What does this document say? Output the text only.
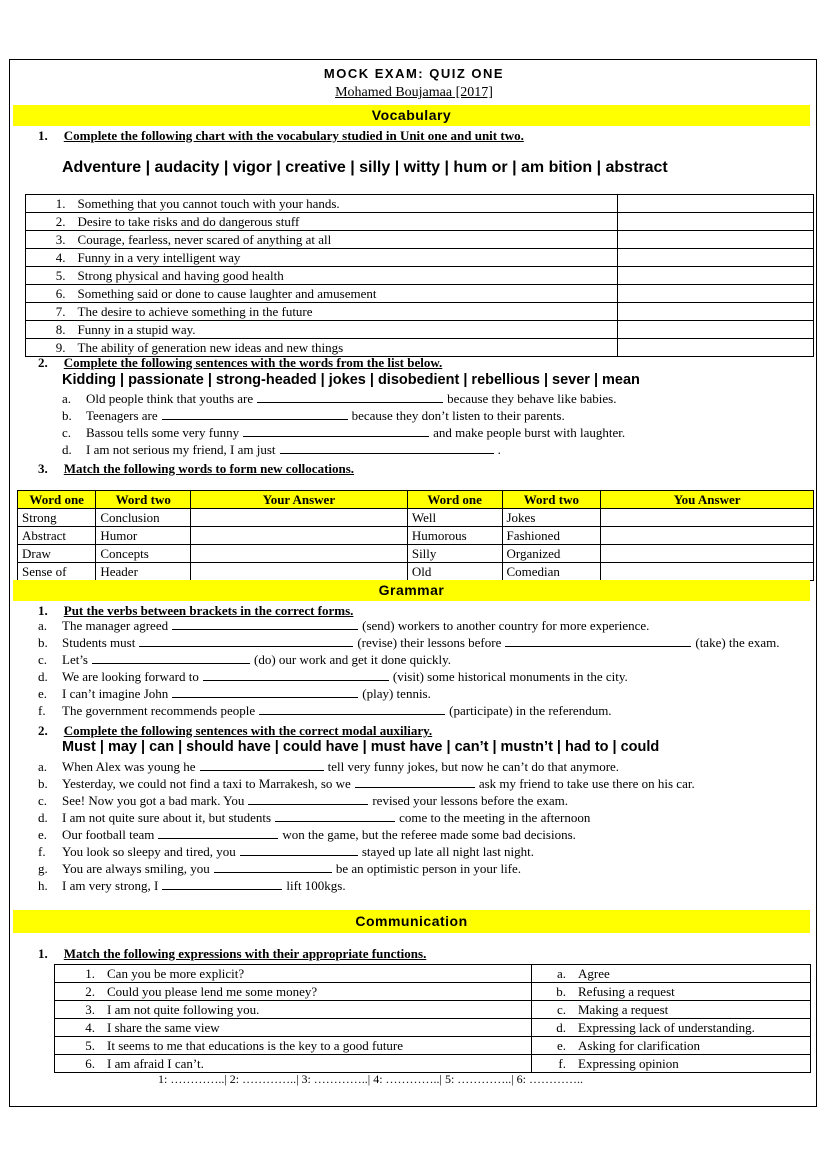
MOCK EXAM: QUIZ ONE
Mohamed Boujamaa [2017]
Vocabulary
1. Complete the following chart with the vocabulary studied in Unit one and unit two.
Adventure | audacity | vigor | creative | silly | witty | hum or | am bition | abstract
1.	Something that you cannot touch with your hands.	
2.	Desire to take risks and do dangerous stuff	
3.	Courage, fearless, never scared of anything at all	
4.	Funny in a very intelligent way	
5.	Strong physical and having good health	
6.	Something said or done to cause laughter and amusement	
7.	The desire to achieve something in the future	
8.	Funny in a stupid way.	
9.	The ability of generation new ideas and new things	
2. Complete the following sentences with the words from the list below.
Kidding | passionate | strong-headed | jokes | disobedient | rebellious | sever | mean
a. Old people think that youths are	because they behave like babies.
b. Teenagers are	because they don’t listen to their parents.
c. Bassou tells some very funny	and make people burst with laughter.
d. I am not serious my friend, I am just	.
3. Match the following words to form new collocations.
Word one	Word two	Your Answer	Word one	Word two	You Answer
Strong	Conclusion		Well	Jokes	
Abstract	Humor		Humorous	Fashioned	
Draw	Concepts		Silly	Organized	
Sense of	Header		Old	Comedian	
Grammar
1. Put the verbs between brackets in the correct forms.
a. The manager agreed	(send) workers to another country for more experience.
b. Students must	(revise) their lessons before	(take) the exam.
c. Let’s	(do) our work and get it done quickly.
d. We are looking forward to	(visit) some historical monuments in the city.
e. I can’t imagine John	(play) tennis.
f. The government recommends people	(participate) in the referendum.
2. Complete the following sentences with the correct modal auxiliary.
Must | may | can | should have | could have | must have | can’t | mustn’t | had to | could
a. When Alex was young he	tell very funny jokes, but now he can’t do that anymore.
b. Yesterday, we could not find a taxi to Marrakesh, so we	ask my friend to take use there on his car.
c. See! Now you got a bad mark. You	revised your lessons before the exam.
d. I am not quite sure about it, but students	come to the meeting in the afternoon
e. Our football team	won the game, but the referee made some bad decisions.
f. You look so sleepy and tired, you	stayed up late all night last night.
g. You are always smiling, you	be an optimistic person in your life.
h. I am very strong, I	lift 100kgs.
Communication
1. Match the following expressions with their appropriate functions.
1.	Can you be more explicit?	a.	Agree
2.	Could you please lend me some money?	b.	Refusing a request
3.	I am not quite following you.	c.	Making a request
4.	I share the same view	d.	Expressing lack of understanding.
5.	It seems to me that educations is the key to a good future	e.	Asking for clarification
6.	I am afraid I can’t.	f.	Expressing opinion
1: …………..| 2: …………..| 3: …………..| 4: …………..| 5: …………..| 6: …………..
